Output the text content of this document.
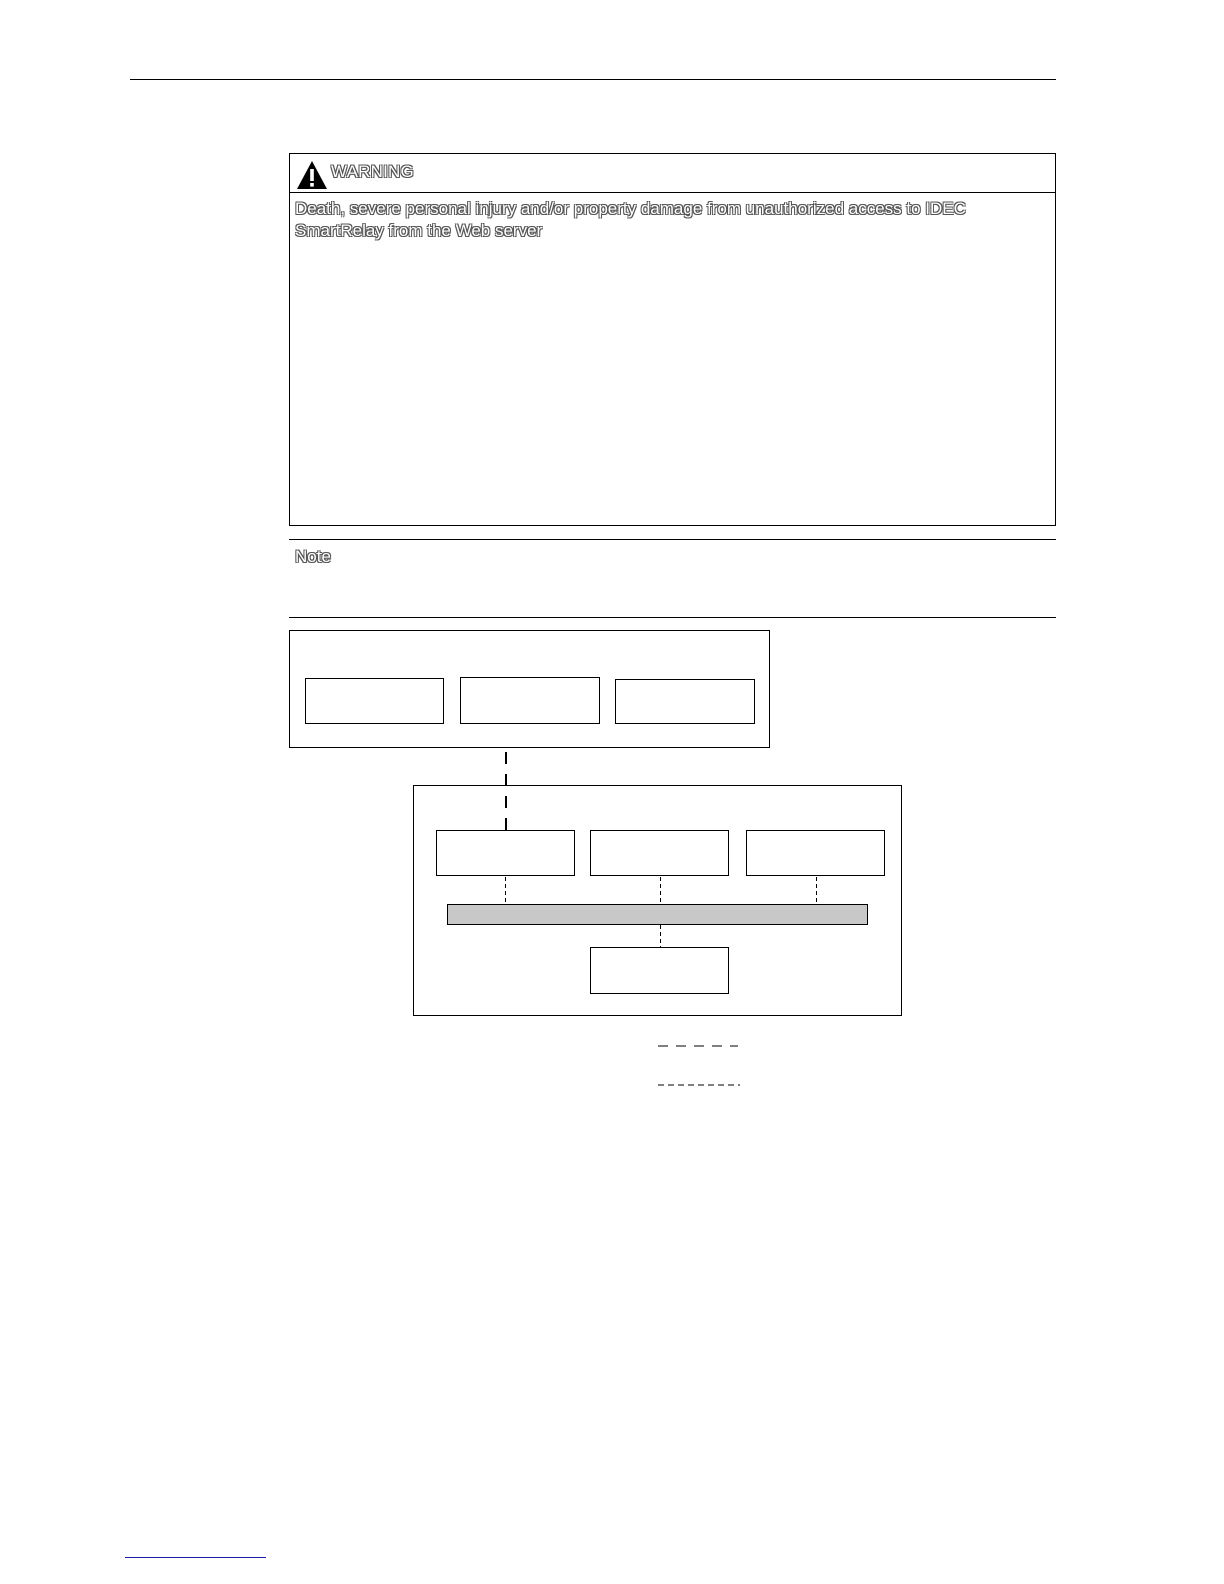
WARNING
Death, severe personal injury and/or property damage from unauthorized access to IDEC SmartRelay from the Web server
Note
